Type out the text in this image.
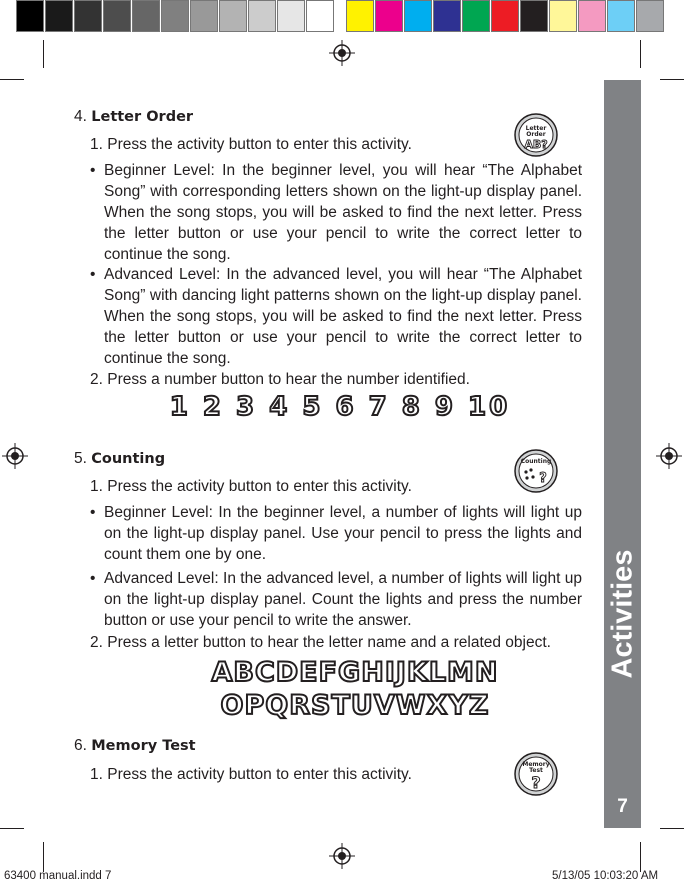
Activities
7
4. Letter Order
Letter
Order
AB?
1. Press the activity button to enter this activity.
• Beginner Level: In the beginner level, you will hear “The Alphabet Song” with corresponding letters shown on the light-up display panel. When the song stops, you will be asked to find the next letter. Press the letter button or use your pencil to write the correct letter to continue the song.
• Advanced Level: In the advanced level, you will hear “The Alphabet Song” with dancing light patterns shown on the light-up display panel. When the song stops, you will be asked to find the next letter. Press the letter button or use your pencil to write the correct letter to continue the song.
2. Press a number button to hear the number identified.
1 2 3 4 5 6 7 8 9 10
5. Counting	Counting
?
1. Press the activity button to enter this activity.
• Beginner Level: In the beginner level, a number of lights will light up on the light-up display panel. Use your pencil to press the lights and count them one by one.
• Advanced Level: In the advanced level, a number of lights will light up on the light-up display panel. Count the lights and press the number button or use your pencil to write the answer.
2. Press a letter button to hear the letter name and a related object.
ABCDEFGHIJKLMN
OPQRSTUVWXYZ
6. Memory Test
Memory
Test
?
1. Press the activity button to enter this activity.
63400 manual.indd 7	5/13/05 10:03:20 AM
